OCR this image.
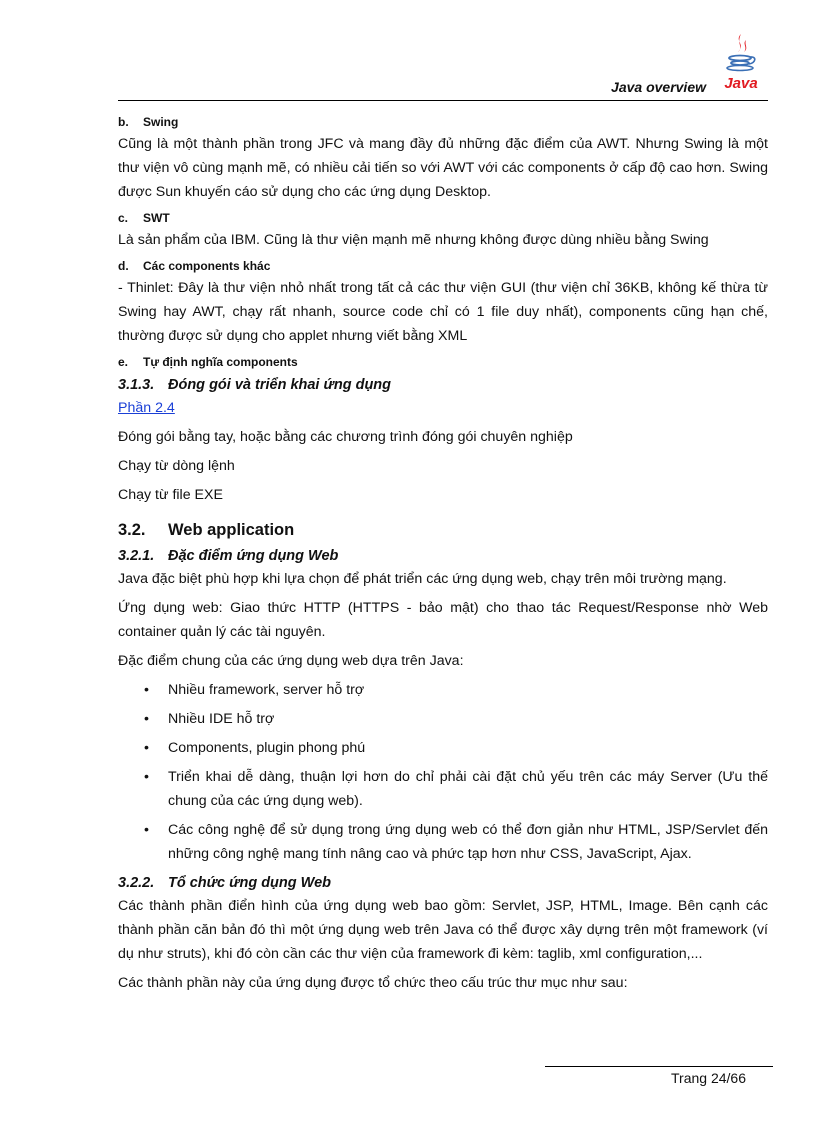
Java overview Java
b. Swing

Cũng là một thành phần trong JFC và mang đầy đủ những đặc điểm của AWT. Nhưng Swing là một thư viện vô cùng mạnh mẽ, có nhiều cải tiến so với AWT với các components ở cấp độ cao hơn. Swing được Sun khuyến cáo sử dụng cho các ứng dụng Desktop.

c. SWT

Là sản phẩm của IBM. Cũng là thư viện mạnh mẽ nhưng không được dùng nhiều bằng Swing

d. Các components khác

- Thinlet: Đây là thư viện nhỏ nhất trong tất cả các thư viện GUI (thư viện chỉ 36KB, không kế thừa từ Swing hay AWT, chạy rất nhanh, source code chỉ có 1 file duy nhất), components cũng hạn chế, thường được sử dụng cho applet nhưng viết bằng XML

e. Tự định nghĩa components
3.1.3. Đóng gói và triển khai ứng dụng

Phần 2.4

Đóng gói bằng tay, hoặc bằng các chương trình đóng gói chuyên nghiệp

Chạy từ dòng lệnh

Chạy từ file EXE

3.2. Web application
3.2.1. Đặc điểm ứng dụng Web

Java đặc biệt phù hợp khi lựa chọn để phát triển các ứng dụng web, chạy trên môi trường mạng.

Ứng dụng web: Giao thức HTTP (HTTPS - bảo mật) cho thao tác Request/Response nhờ Web container quản lý các tài nguyên.

Đặc điểm chung của các ứng dụng web dựa trên Java:

• Nhiều framework, server hỗ trợ
• Nhiều IDE hỗ trợ
• Components, plugin phong phú
• Triển khai dễ dàng, thuận lợi hơn do chỉ phải cài đặt chủ yếu trên các máy Server (Ưu thế chung của các ứng dụng web).
• Các công nghệ để sử dụng trong ứng dụng web có thể đơn giản như HTML, JSP/Servlet đến những công nghệ mang tính nâng cao và phức tạp hơn như CSS, JavaScript, Ajax.
3.2.2. Tổ chức ứng dụng Web

Các thành phần điển hình của ứng dụng web bao gồm: Servlet, JSP, HTML, Image. Bên cạnh các thành phần căn bản đó thì một ứng dụng web trên Java có thể được xây dựng trên một framework (ví dụ như struts), khi đó còn cần các thư viện của framework đi kèm: taglib, xml configuration,...

Các thành phần này của ứng dụng được tổ chức theo cấu trúc thư mục như sau:

Trang 24/66
